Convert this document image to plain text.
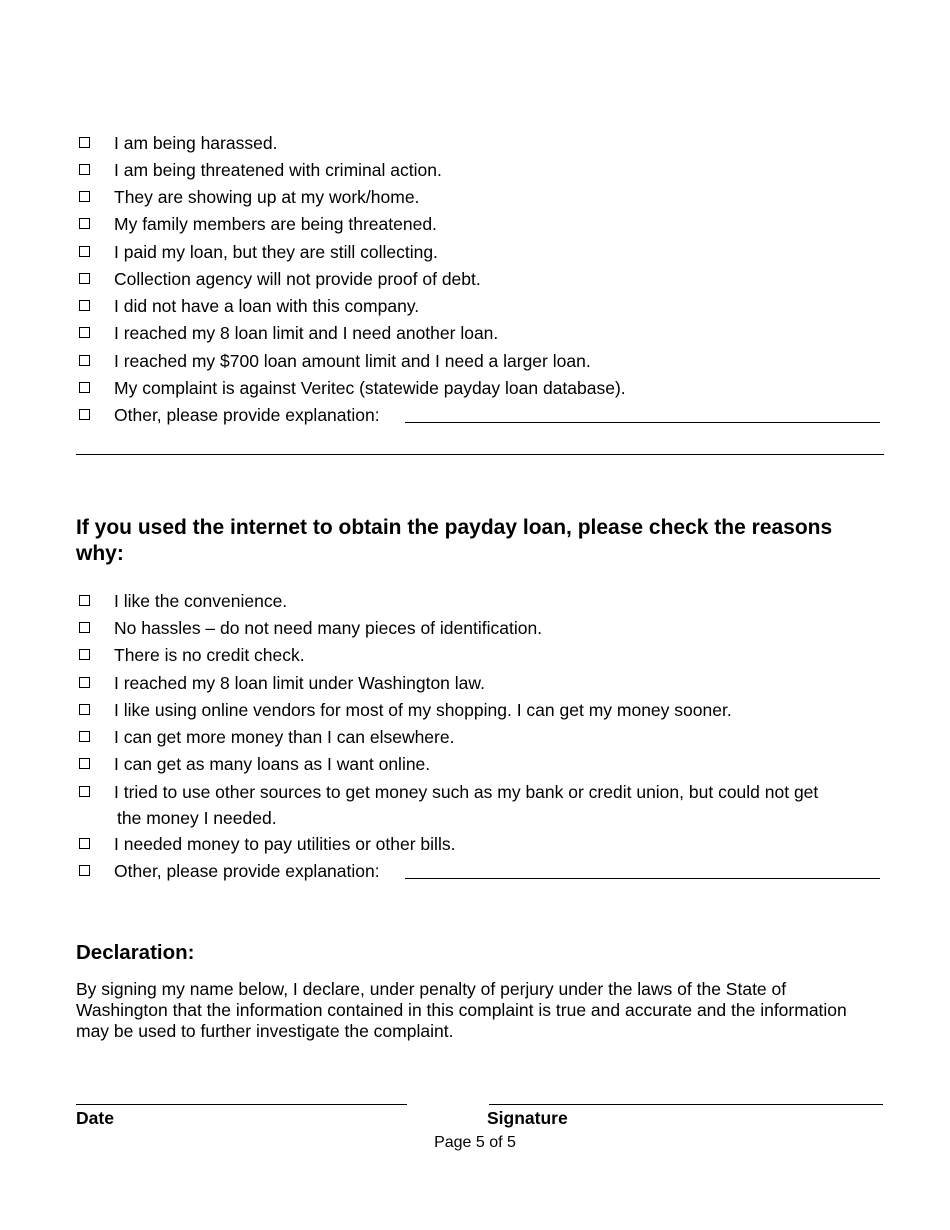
I am being harassed.
I am being threatened with criminal action.
They are showing up at my work/home.
My family members are being threatened.
I paid my loan, but they are still collecting.
Collection agency will not provide proof of debt.
I did not have a loan with this company.
I reached my 8 loan limit and I need another loan.
I reached my $700 loan amount limit and I need a larger loan.
My complaint is against Veritec (statewide payday loan database).
Other, please provide explanation:
If you used the internet to obtain the payday loan, please check the reasons why:
I like the convenience.
No hassles – do not need many pieces of identification.
There is no credit check.
I reached my 8 loan limit under Washington law.
I like using online vendors for most of my shopping. I can get my money sooner.
I can get more money than I can elsewhere.
I can get as many loans as I want online.
I tried to use other sources to get money such as my bank or credit union, but could not get
the money I needed.
I needed money to pay utilities or other bills.
Other, please provide explanation:
Declaration:
By signing my name below, I declare, under penalty of perjury under the laws of the State of Washington that the information contained in this complaint is true and accurate and the information may be used to further investigate the complaint.
Date	Signature
Page 5 of 5
